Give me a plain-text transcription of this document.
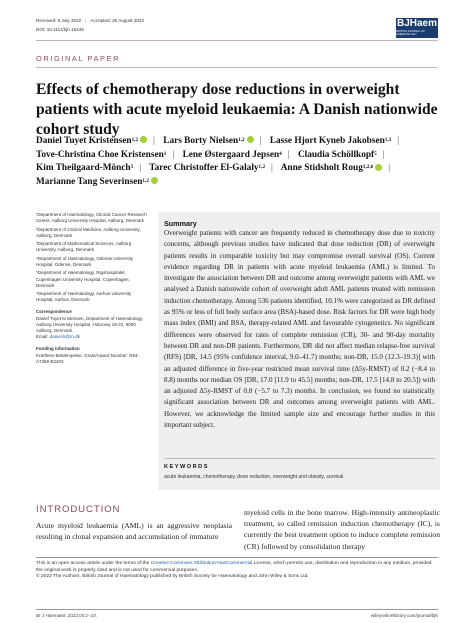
Received: 6 July 2022 | Accepted: 26 August 2022
DOI: 10.1111/bjh.18448
BJHaem
BRITISH JOURNAL OF HAEMATOLOGY
ORIGINAL PAPER
Effects of chemotherapy dose reductions in overweight patients with acute myeloid leukaemia: A Danish nationwide cohort study
Daniel Tuyet Kristensen$^{1,2}$ | Lars Borty Nielsen$^{1,2}$ | Lasse Hjort Kyneb Jakobsen$^{1,3}$ | Tove-Christina Choe Kristensen$^1$ | Lene Østergaard Jepsen$^4$ | Claudia Schöllkopf$^5$ | Kim Theilgaard-Mönch$^5$ | Tarec Christoffer El-Galaly$^{1,2}$ | Anne Stidsholt Roug$^{1,2,6}$ | Marianne Tang Severinsen$^{1,2}$

¹Department of Haematology, Clinical Cancer Research Center, Aalborg University Hospital, Aalborg, Denmark

²Department of Clinical Medicine, Aalborg University, Aalborg, Denmark

³Department of Mathematical Sciences, Aalborg University, Aalborg, Denmark

⁴Department of Haematology, Odense University Hospital, Odense, Denmark

⁵Department of Haematology, Rigshospitalet, Copenhagen University Hospital, Copenhagen, Denmark

⁶Department of Haematology, Aarhus University Hospital, Aarhus, Denmark

Correspondence

Daniel Tuyet Kristensen, Department of Haematology, Aalborg University Hospital, Hobrovej 18-22, 9000 Aalborg, Denmark.
Email: daniel.k@rn.dk

Funding information

Kræftens Bekæmpelse, Grant/Award Number: R94-A7368-B2403

Summary
Overweight patients with cancer are frequently reduced in chemotherapy dose due to toxicity concerns, although previous studies have indicated that dose reduction (DR) of overweight patients results in comparable toxicity but may compromise overall survival (OS). Current evidence regarding DR in patients with acute myeloid leukaemia (AML) is limited. To investigate the association between DR and outcome among overweight patients with AML we analysed a Danish nationwide cohort of overweight adult AML patients treated with remission induction chemotherapy. Among 536 patients identified, 10.1% were categorized as DR defined as 95% or less of full body surface area (BSA)-based dose. Risk factors for DR were high body mass index (BMI) and BSA, therapy-related AML and favourable cytogenetics. No significant differences were observed for rates of complete remission (CR), 30- and 90-day mortality between DR and non-DR patients. Furthermore, DR did not affect median relapse-free survival (RFS) [DR, 14.5 (95% confidence interval, 9.0–41.7) months; non-DR, 15.0 (12.3–19.3)] with an adjusted difference in five-year restricted mean survival time (Δ5y-RMST) of 0.2 (−8.4 to 8.8) months nor median OS [DR, 17.0 [11.9 to 45.5] months; non-DR, 17.5 [14.8 to 20.5]) with an adjusted Δ5y-RMST of 0.8 (−5.7 to 7.3) months. In conclusion, we found no statistically significant association between DR and outcomes among overweight patients with AML. However, we acknowledge the limited sample size and encourage further studies in this important subject.
KEYWORDS
acute leukaemia, chemotherapy, dose reduction, overweight and obesity, survival
INTRODUCTION
Acute myeloid leukaemia (AML) is an aggressive neoplasia resulting in clonal expansion and accumulation of immature
myeloid cells in the bone marrow. High-intensity antineoplastic treatment, so called remission induction chemotherapy (IC), is currently the best treatment option to induce complete remission (CR) followed by consolidation therapy
This is an open access article under the terms of the Creative Commons Attribution-NonCommercial License, which permits use, distribution and reproduction in any medium, provided the original work is properly cited and is not used for commercial purposes.
© 2022 The Authors. British Journal of Haematology published by British Society for Haematology and John Wiley & Sons Ltd.
Br J Haematol. 2022;00:1–10.	wileyonlinelibrary.com/journal/bjh
